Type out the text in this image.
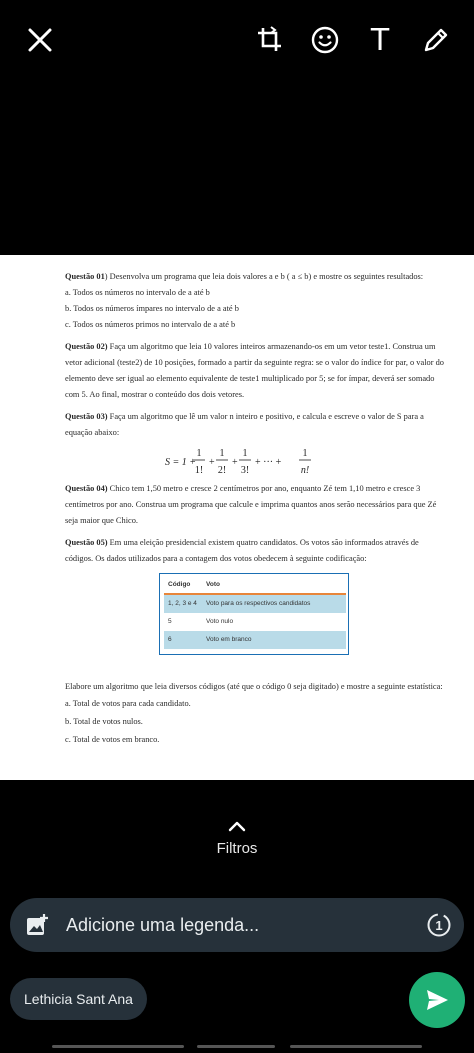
T

Questão 01) Desenvolva um programa que leia dois valores a e b ( a ≤ b) e mostre os seguintes resultados:

a. Todos os números no intervalo de a até b

b. Todos os números ímpares no intervalo de a até b

c. Todos os números primos no intervalo de a até b

Questão 02) Faça um algoritmo que leia 10 valores inteiros armazenando-os em um vetor teste1. Construa um vetor adicional (teste2) de 10 posições, formado a partir da seguinte regra: se o valor do índice for par, o valor do elemento deve ser igual ao elemento equivalente de teste1 multiplicado por 5; se for ímpar, deverá ser somado com 5. Ao final, mostrar o conteúdo dos dois vetores.

Questão 03) Faça um algoritmo que lê um valor n inteiro e positivo, e calcula e escreve o valor de S para a equação abaixo:

S = 1 +
1
1!
+
1
2!
+
1
3!
+ ··· +
1
n!

Questão 04) Chico tem 1,50 metro e cresce 2 centímetros por ano, enquanto Zé tem 1,10 metro e cresce 3 centímetros por ano. Construa um programa que calcule e imprima quantos anos serão necessários para que Zé seja maior que Chico.

Questão 05) Em uma eleição presidencial existem quatro candidatos. Os votos são informados através de códigos. Os dados utilizados para a contagem dos votos obedecem à seguinte codificação:

Código	Voto
1, 2, 3 e 4	Voto para os respectivos candidatos
5	Voto nulo
6	Voto em branco

Elabore um algoritmo que leia diversos códigos (até que o código 0 seja digitado) e mostre a seguinte estatística:

a. Total de votos para cada candidato.

b. Total de votos nulos.

c. Total de votos em branco.

Filtros
Adicione uma legenda...	1
Lethicia Sant Ana
